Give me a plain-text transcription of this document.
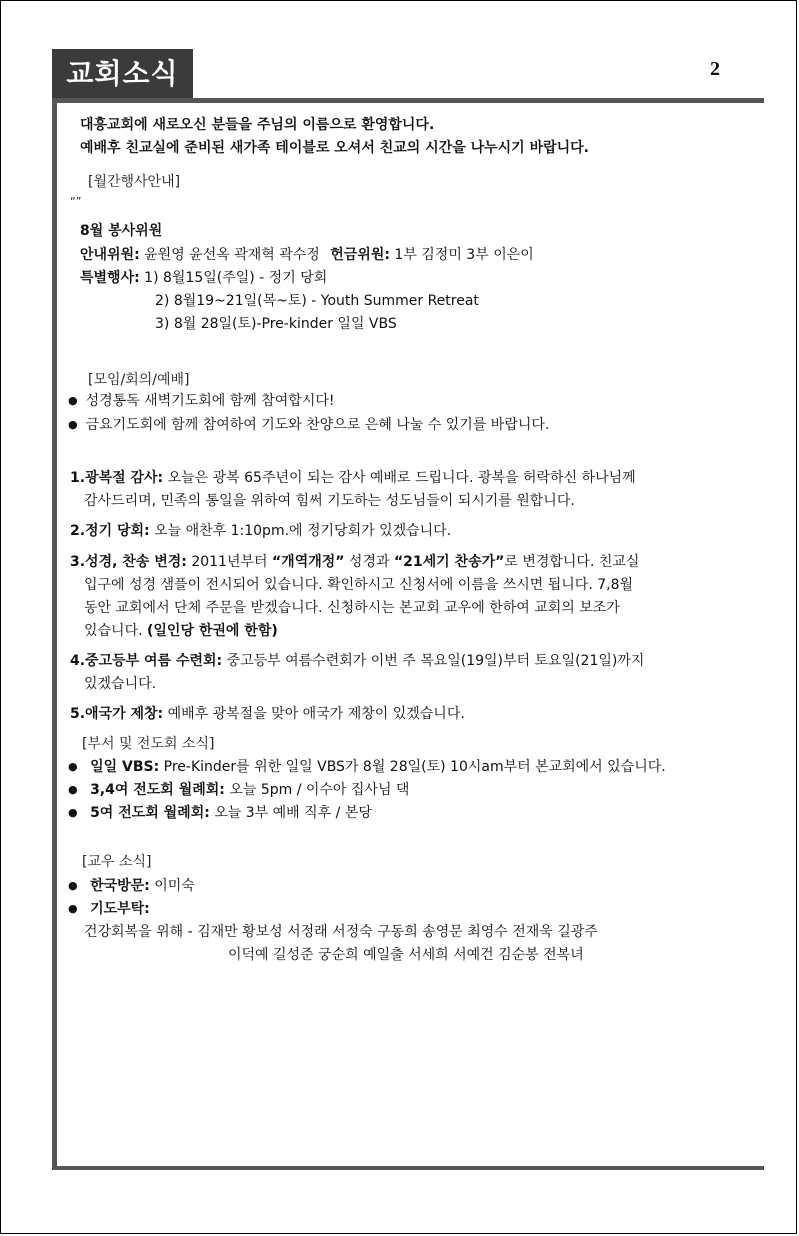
교회소식	2
대흥교회에 새로오신 분들을 주님의 이름으로 환영합니다.
예배후 친교실에 준비된 새가족 테이블로 오셔서 친교의 시간을 나누시기 바랍니다.
[월간행사안내]
“”
8월 봉사위원
안내위원: 윤원영 윤선옥 곽재혁 곽수정 헌금위원: 1부 김정미 3부 이은이
특별행사: 1) 8월15일(주일) - 정기 당회
2) 8월19~21일(목~토) - Youth Summer Retreat
3) 8월 28일(토)-Pre-kinder 일일 VBS
[모임/회의/예배]
● 성경통독 새벽기도회에 함께 참여합시다!
● 금요기도회에 함께 참여하여 기도와 찬양으로 은혜 나눌 수 있기를 바랍니다.
1.광복절 감사: 오늘은 광복 65주년이 되는 감사 예배로 드립니다. 광복을 허락하신 하나님께
감사드리며, 민족의 통일을 위하여 힘써 기도하는 성도님들이 되시기를 원합니다.
2.정기 당회: 오늘 애찬후 1:10pm.에 정기당회가 있겠습니다.
3.성경, 찬송 변경: 2011년부터 “개역개정” 성경과 “21세기 찬송가”로 변경합니다. 친교실
입구에 성경 샘플이 전시되어 있습니다. 확인하시고 신청서에 이름을 쓰시면 됩니다. 7,8월
동안 교회에서 단체 주문을 받겠습니다. 신청하시는 본교회 교우에 한하여 교회의 보조가
있습니다. (일인당 한권에 한함)
4.중고등부 여름 수련회: 중고등부 여름수련회가 이번 주 목요일(19일)부터 토요일(21일)까지
있겠습니다.
5.애국가 제창: 예배후 광복절을 맞아 애국가 제창이 있겠습니다.
[부서 및 전도회 소식]
● 일일 VBS: Pre-Kinder를 위한 일일 VBS가 8월 28일(토) 10시am부터 본교회에서 있습니다.
● 3,4여 전도회 월례회: 오늘 5pm / 이수아 집사님 댁
● 5여 전도회 월례회: 오늘 3부 예배 직후 / 본당
[교우 소식]
● 한국방문: 이미숙
● 기도부탁:
건강회복을 위해 - 김재만 황보성 서정래 서정숙 구동희 송영문 최영수 전재욱 길광주
이덕예 길성준 궁순희 예일출 서세희 서예건 김순봉 전복녀
